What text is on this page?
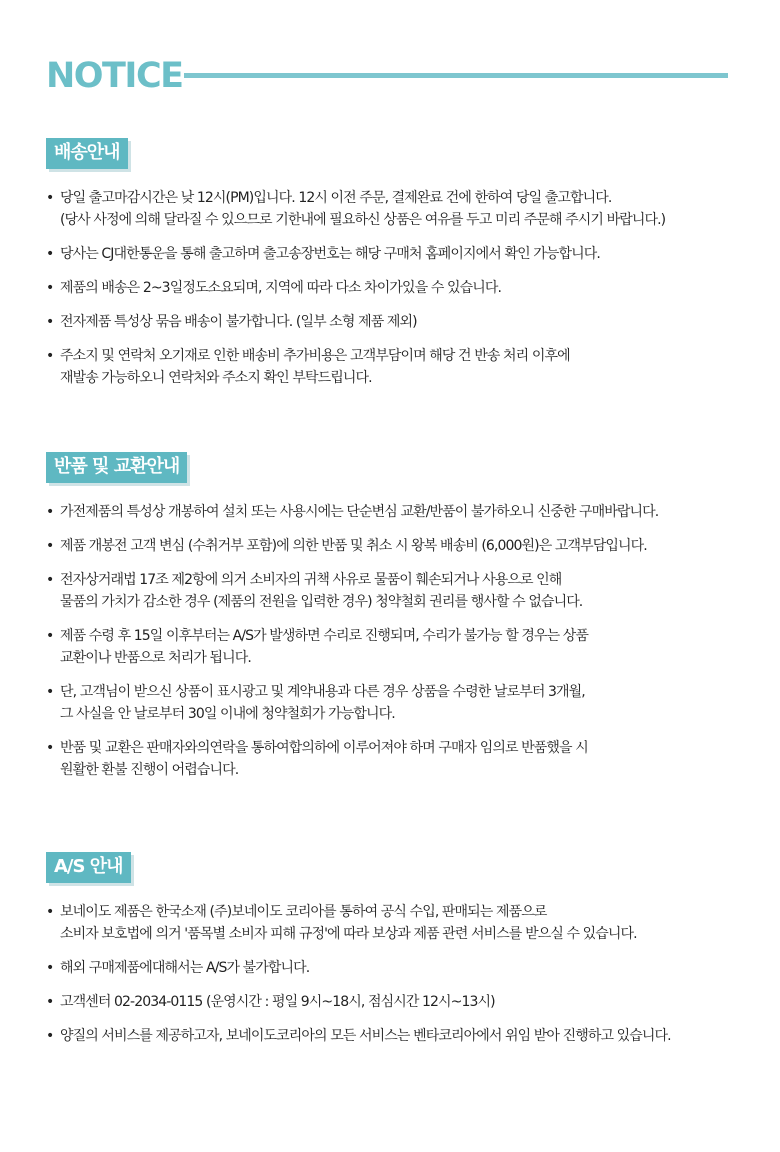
NOTICE
배송안내
• 당일 출고마감시간은 낮 12시(PM)입니다. 12시 이전 주문, 결제완료 건에 한하여 당일 출고합니다.
(당사 사정에 의해 달라질 수 있으므로 기한내에 필요하신 상품은 여유를 두고 미리 주문해 주시기 바랍니다.)
• 당사는 CJ대한통운을 통해 출고하며 출고송장번호는 해당 구매처 홈페이지에서 확인 가능합니다.
• 제품의 배송은 2~3일정도소요되며, 지역에 따라 다소 차이가있을 수 있습니다.
• 전자제품 특성상 묶음 배송이 불가합니다. (일부 소형 제품 제외)
• 주소지 및 연락처 오기재로 인한 배송비 추가비용은 고객부담이며 해당 건 반송 처리 이후에
재발송 가능하오니 연락처와 주소지 확인 부탁드립니다.
반품 및 교환안내
• 가전제품의 특성상 개봉하여 설치 또는 사용시에는 단순변심 교환/반품이 불가하오니 신중한 구매바랍니다.
• 제품 개봉전 고객 변심 (수취거부 포함)에 의한 반품 및 취소 시 왕복 배송비 (6,000원)은 고객부담입니다.
• 전자상거래법 17조 제2항에 의거 소비자의 귀책 사유로 물품이 훼손되거나 사용으로 인해
물품의 가치가 감소한 경우 (제품의 전원을 입력한 경우) 청약철회 권리를 행사할 수 없습니다.
• 제품 수령 후 15일 이후부터는 A/S가 발생하면 수리로 진행되며, 수리가 불가능 할 경우는 상품
교환이나 반품으로 처리가 됩니다.
• 단, 고객님이 받으신 상품이 표시광고 및 계약내용과 다른 경우 상품을 수령한 날로부터 3개월,
그 사실을 안 날로부터 30일 이내에 청약철회가 가능합니다.
• 반품 및 교환은 판매자와의연락을 통하여합의하에 이루어져야 하며 구매자 임의로 반품했을 시
원활한 환불 진행이 어렵습니다.
A/S 안내
• 보네이도 제품은 한국소재 (주)보네이도 코리아를 통하여 공식 수입, 판매되는 제품으로
소비자 보호법에 의거 '품목별 소비자 피해 규정'에 따라 보상과 제품 관련 서비스를 받으실 수 있습니다.
• 해외 구매제품에대해서는 A/S가 불가합니다.
• 고객센터 02-2034-0115 (운영시간 : 평일 9시~18시, 점심시간 12시~13시)
• 양질의 서비스를 제공하고자, 보네이도코리아의 모든 서비스는 벤타코리아에서 위임 받아 진행하고 있습니다.
